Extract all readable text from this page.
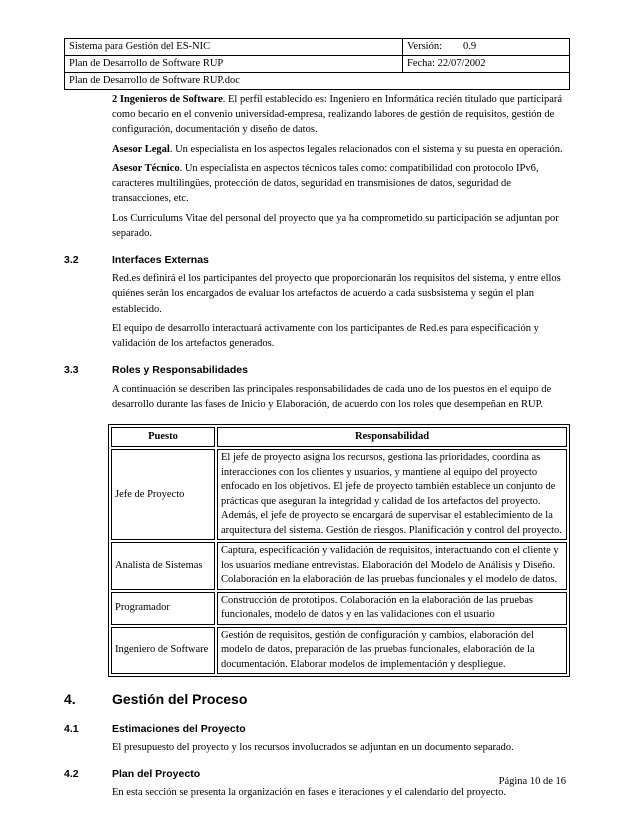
Sistema para Gestión del ES-NIC	Versión:        0.9
Plan de Desarrollo de Software RUP	Fecha: 22/07/2002
Plan de Desarrollo de Software RUP.doc	

2 Ingenieros de Software. El perfil establecido es: Ingeniero en Informática recién titulado que participará como becario en el convenio universidad-empresa, realizando labores de gestión de requisitos, gestión de configuración, documentación y diseño de datos.

Asesor Legal. Un especialista en los aspectos legales relacionados con el sistema y su puesta en operación.

Asesor Técnico. Un especialista en aspectos técnicos tales como: compatibilidad con protocolo IPv6, caracteres multilingües, protección de datos, seguridad en transmisiones de datos, seguridad de transacciones, etc.

Los Curriculums Vitae del personal del proyecto que ya ha comprometido su participación se adjuntan por separado.

3.2	Interfaces Externas

Red.es definirá el los participantes del proyecto que proporcionarán los requisitos del sistema, y entre ellos quiénes serán los encargados de evaluar los artefactos de acuerdo a cada susbsistema y según el plan establecido.

El equipo de desarrollo interactuará activamente con los participantes de Red.es para especificación y validación de los artefactos generados.

3.3	Roles y Responsabilidades

A continuación se describen las principales responsabilidades de cada uno de los puestos en el equipo de desarrollo durante las fases de Inicio y Elaboración, de acuerdo con los roles que desempeñan en RUP.

Puesto	Responsabilidad
Jefe de Proyecto	El jefe de proyecto asigna los recursos, gestiona las prioridades, coordina as interacciones con los clientes y usuarios, y mantiene al equipo del proyecto enfocado en los objetivos. El jefe de proyecto también establece un conjunto de prácticas que aseguran la integridad y calidad de los artefactos del proyecto. Además, el jefe de proyecto se encargará de supervisar el establecimiento de la arquitectura del sistema. Gestión de riesgos. Planificación y control del proyecto.
Analista de Sistemas	Captura, especificación y validación de requisitos, interactuando con el cliente y los usuarios mediane entrevistas. Elaboración del Modelo de Análisis y Diseño. Colaboración en la elaboración de las pruebas funcionales y el modelo de datos.
Programador	Construcción de prototipos. Colaboración en la elaboración de las pruebas funcionales, modelo de datos y en las validaciones con el usuario
Ingeniero de Software	Gestión de requisitos, gestión de configuración y cambios, elaboración del modelo de datos, preparación de las pruebas funcionales, elaboración de la documentación. Elaborar modelos de implementación y despliegue.
4.	Gestión del Proceso
4.1	Estimaciones del Proyecto

El presupuesto del proyecto y los recursos involucrados se adjuntan en un documento separado.

4.2	Plan del Proyecto

En esta sección se presenta la organización en fases e iteraciones y el calendario del proyecto.

Página 10 de 16
